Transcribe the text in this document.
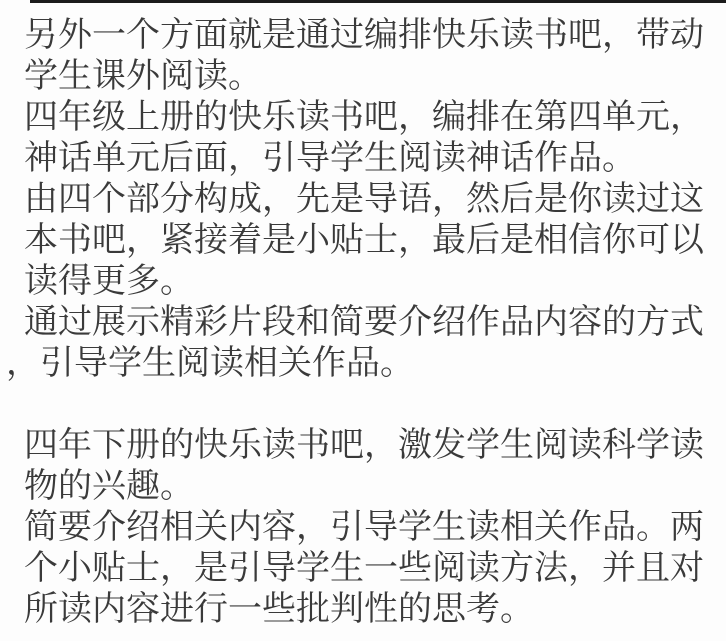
另外一个方面就是通过编排快乐读书吧，带动
学生课外阅读。
四年级上册的快乐读书吧，编排在第四单元，
神话单元后面，引导学生阅读神话作品。
由四个部分构成，先是导语，然后是你读过这
本书吧，紧接着是小贴士，最后是相信你可以
读得更多。
通过展示精彩片段和简要介绍作品内容的方式
，引导学生阅读相关作品。
四年下册的快乐读书吧，激发学生阅读科学读
物的兴趣。
简要介绍相关内容，引导学生读相关作品。两
个小贴士，是引导学生一些阅读方法，并且对
所读内容进行一些批判性的思考。
